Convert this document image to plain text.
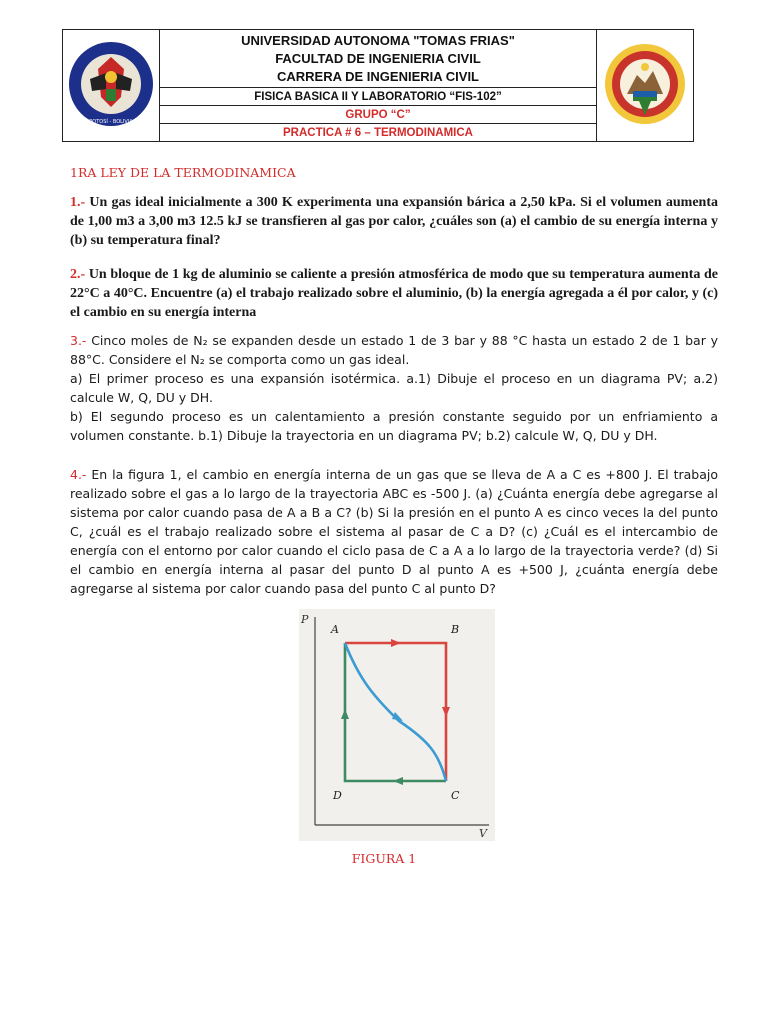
POTOSÍ - BOLIVIA

UNIVERSIDAD AUTONOMA "TOMAS FRIAS"
FACULTAD DE INGENIERIA CIVIL
CARRERA DE INGENIERIA CIVIL

FISICA BASICA II Y LABORATORIO “FIS-102”

GRUPO “C”

PRACTICA # 6 – TERMODINAMICA
1RA LEY DE LA TERMODINAMICA

1.- Un gas ideal inicialmente a 300 K experimenta una expansión bárica a 2,50 kPa. Si el volumen aumenta de 1,00 m3 a 3,00 m3 12.5 kJ se transfieren al gas por calor, ¿cuáles son (a) el cambio de su energía interna y (b) su temperatura final?

2.- Un bloque de 1 kg de aluminio se caliente a presión atmosférica de modo que su temperatura aumenta de 22°C a 40°C. Encuentre (a) el trabajo realizado sobre el aluminio, (b) la energía agregada a él por calor, y (c) el cambio en su energía interna

3.- Cinco moles de N₂ se expanden desde un estado 1 de 3 bar y 88 °C hasta un estado 2 de 1 bar y 88°C. Considere el N₂ se comporta como un gas ideal.
a) El primer proceso es una expansión isotérmica. a.1) Dibuje el proceso en un diagrama PV; a.2) calcule W, Q, DU y DH.
b) El segundo proceso es un calentamiento a presión constante seguido por un enfriamiento a volumen constante. b.1) Dibuje la trayectoria en un diagrama PV; b.2) calcule W, Q, DU y DH.

4.- En la figura 1, el cambio en energía interna de un gas que se lleva de A a C es +800 J. El trabajo realizado sobre el gas a lo largo de la trayectoria ABC es -500 J. (a) ¿Cuánta energía debe agregarse al sistema por calor cuando pasa de A a B a C? (b) Si la presión en el punto A es cinco veces la del punto C, ¿cuál es el trabajo realizado sobre el sistema al pasar de C a D? (c) ¿Cuál es el intercambio de energía con el entorno por calor cuando el ciclo pasa de C a A a lo largo de la trayectoria verde? (d) Si el cambio en energía interna al pasar del punto D al punto A es +500 J, ¿cuánta energía debe agregarse al sistema por calor cuando pasa del punto C al punto D?

P
V
A	B
C
D
FIGURA 1
